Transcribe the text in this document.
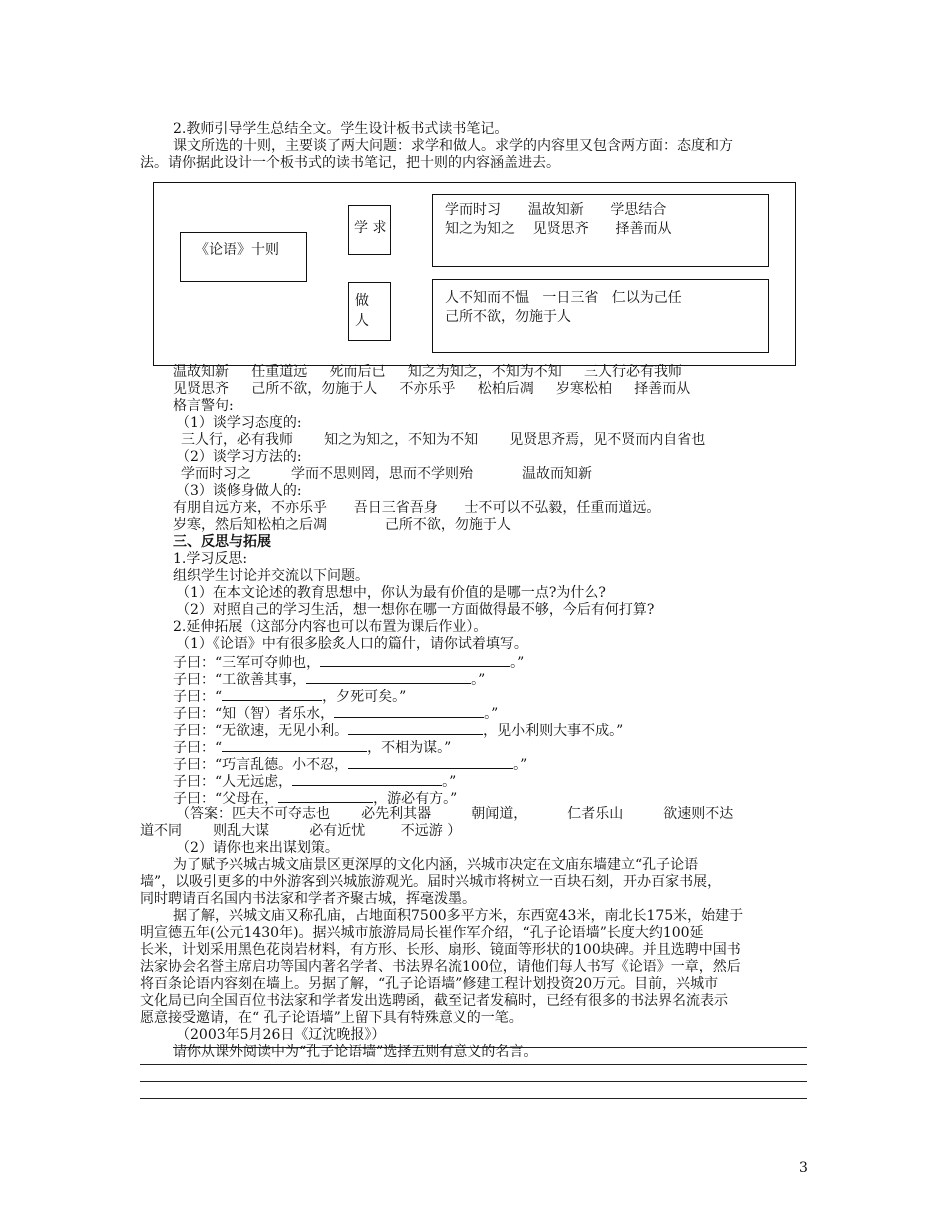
2.教师引导学生总结全文。学生设计板书式读书笔记。
课文所选的十则，主要谈了两大问题：求学和做人。求学的内容里又包含两方面：态度和方
法。请你据此设计一个板书式的读书笔记，把十则的内容涵盖进去。
《论语》十则
学 求
学而时习      温故知新      学思结合
知之为知之    见贤思齐      择善而从
做
人
人不知而不愠   一日三省   仁以为己任
己所不欲，勿施于人
温故知新     任重道远     死而后已     知之为知之，不知为不知     三人行必有我师
见贤思齐     己所不欲，勿施于人     不亦乐乎     松柏后凋     岁寒松柏     择善而从
格言警句:
（1）谈学习态度的:
三人行，必有我师       知之为知之，不知为不知       见贤思齐焉，见不贤而内自省也
（2）谈学习方法的:
学而时习之         学而不思则罔，思而不学则殆           温故而知新
（3）谈修身做人的:
有朋自远方来，不亦乐乎      吾日三省吾身      士不可以不弘毅，任重而道远。
岁寒，然后知松柏之后凋             己所不欲，勿施于人
三、反思与拓展
1.学习反思:
组织学生讨论并交流以下问题。
（1）在本文论述的教育思想中，你认为最有价值的是哪一点?为什么?
（2）对照自己的学习生活，想一想你在哪一方面做得最不够，今后有何打算?
2.延伸拓展（这部分内容也可以布置为课后作业）。
（1）《论语》中有很多脍炙人口的篇什，请你试着填写。
子曰：“三军可夺帅也，	。”
子曰：“工欲善其事，	。”
子曰：“	，夕死可矣。”
子曰：“知（智）者乐水，	。”
子曰：“无欲速，无见小利。	，见小利则大事不成。”
子曰：“	，不相为谋。”
子曰：“巧言乱德。小不忍，	。”
子曰：“人无远虑，	。”
子曰：“父母在，	，游必有方。”
（答案：匹夫不可夺志也       必先利其器         朝闻道，         仁者乐山         欲速则不达
道不同       则乱大谋         必有近忧        不远游 ）
（2）请你也来出谋划策。
为了赋予兴城古城文庙景区更深厚的文化内涵，兴城市决定在文庙东墙建立“孔子论语
墙”，以吸引更多的中外游客到兴城旅游观光。届时兴城市将树立一百块石刻，开办百家书展，
同时聘请百名国内书法家和学者齐聚古城，挥毫泼墨。
据了解，兴城文庙又称孔庙，占地面积7500多平方米，东西宽43米，南北长175米，始建于
明宣德五年(公元1430年)。据兴城市旅游局局长崔作军介绍，“孔子论语墙”长度大约100延
长米，计划采用黑色花岗岩材料，有方形、长形、扇形、镜面等形状的100块碑。并且选聘中国书
法家协会名誉主席启功等国内著名学者、书法界名流100位，请他们每人书写《论语》一章，然后
将百条论语内容刻在墙上。另据了解，“孔子论语墙”修建工程计划投资20万元。目前，兴城市
文化局已向全国百位书法家和学者发出选聘函，截至记者发稿时，已经有很多的书法界名流表示
愿意接受邀请，在“ 孔子论语墙”上留下具有特殊意义的一笔。
（2003年5月26日《辽沈晚报》）
请你从课外阅读中为“孔子论语墙”选择五则有意义的名言。
3
